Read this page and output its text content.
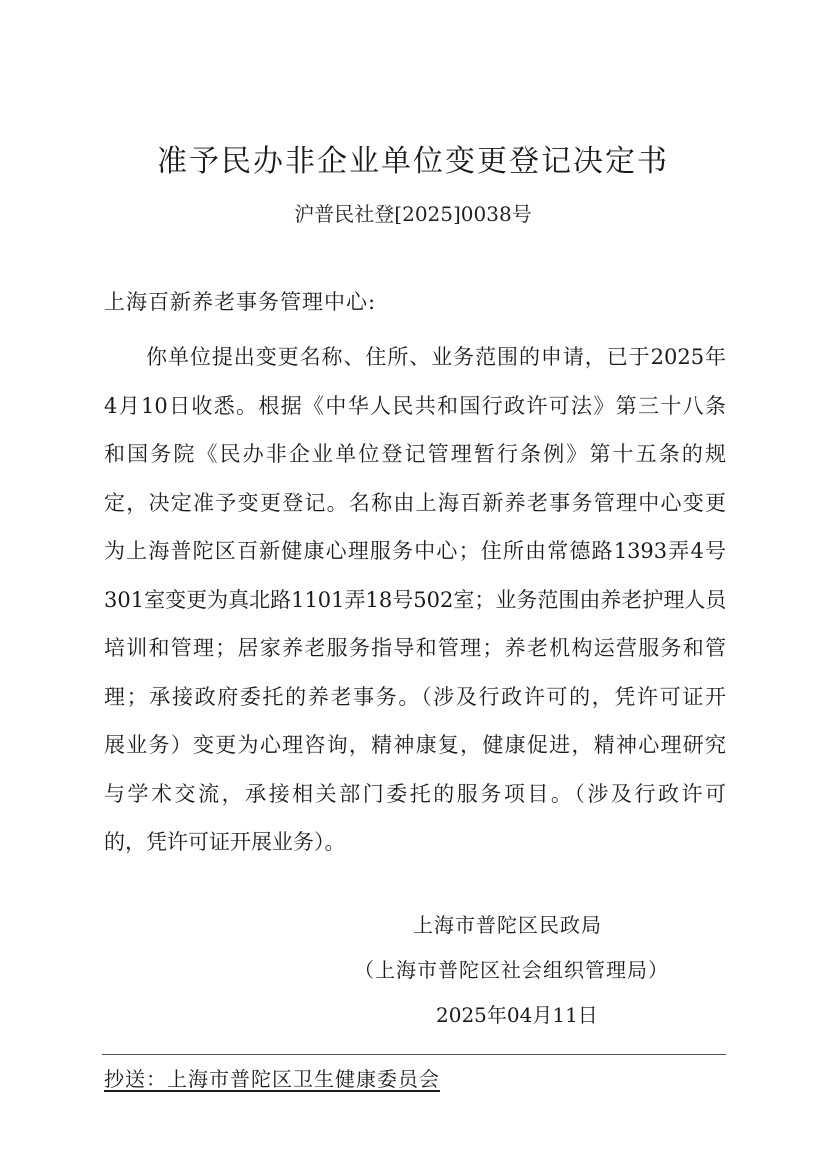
准予民办非企业单位变更登记决定书
沪普民社登[2025]0038号
上海百新养老事务管理中心:
你单位提出变更名称、住所、业务范围的申请，已于2025年
4月10日收悉。根据《中华人民共和国行政许可法》第三十八条
和国务院《民办非企业单位登记管理暂行条例》第十五条的规
定，决定准予变更登记。名称由上海百新养老事务管理中心变更
为上海普陀区百新健康心理服务中心；住所由常德路1393弄4号
301室变更为真北路1101弄18号502室；业务范围由养老护理人员
培训和管理；居家养老服务指导和管理；养老机构运营服务和管
理；承接政府委托的养老事务。（涉及行政许可的，凭许可证开
展业务）变更为心理咨询，精神康复，健康促进，精神心理研究
与学术交流，承接相关部门委托的服务项目。（涉及行政许可
的，凭许可证开展业务）。
上海市普陀区民政局
（上海市普陀区社会组织管理局）
2025年04月11日
抄送：上海市普陀区卫生健康委员会
